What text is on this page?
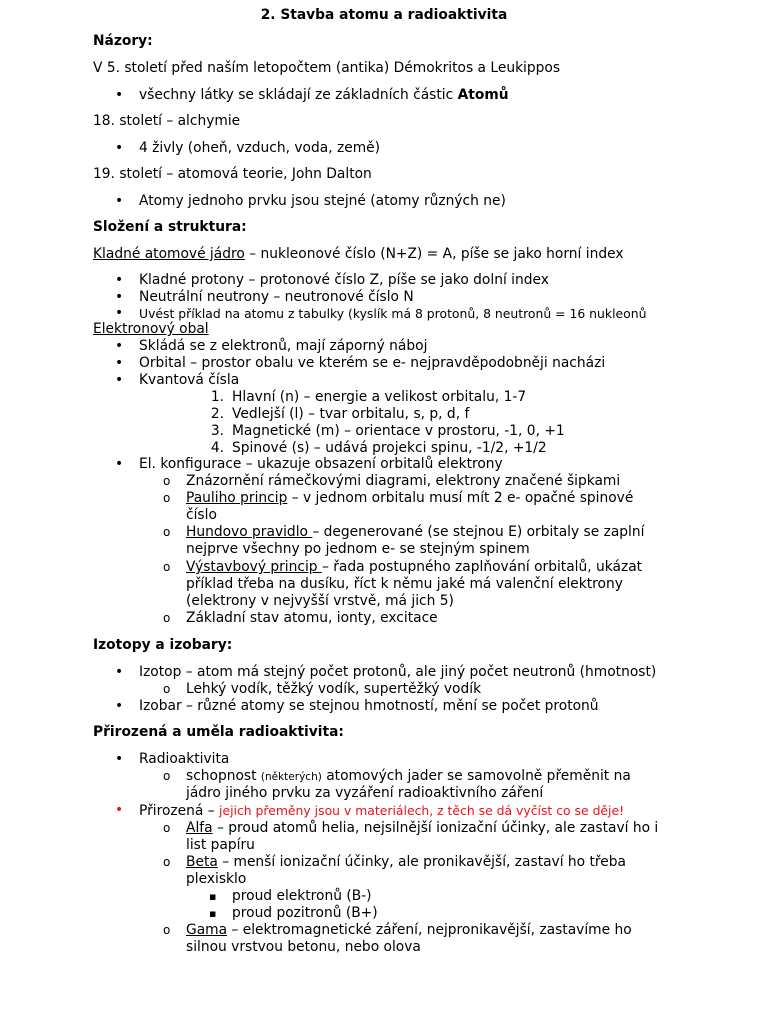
2. Stavba atomu a radioaktivita
Názory:
V 5. století před naším letopočtem (antika) Démokritos a Leukippos
•
všechny látky se skládají ze základních částic Atomů
18. století – alchymie
•
4 živly (oheň, vzduch, voda, země)
19. století – atomová teorie, John Dalton
•
Atomy jednoho prvku jsou stejné (atomy různých ne)
Složení a struktura:
Kladné atomové jádro – nukleonové číslo (N+Z) = A, píše se jako horní index
•
Kladné protony – protonové číslo Z, píše se jako dolní index
•
Neutrální neutrony – neutronové číslo N
•
Uvést příklad na atomu z tabulky (kyslík má 8 protonů, 8 neutronů = 16 nukleonů
Elektronový obal
•
Skládá se z elektronů, mají záporný náboj
•
Orbital – prostor obalu ve kterém se e- nejpravděpodobněji nacházi
•
Kvantová čísla
1. Hlavní (n) – energie a velikost orbitalu, 1-7
2. Vedlejší (l) – tvar orbitalu, s, p, d, f
3. Magnetické (m) – orientace v prostoru, -1, 0, +1
4. Spinové (s) – udává projekci spinu, -1/2, +1/2
•
El. konfigurace – ukazuje obsazení orbitalů elektrony
o
Znázornění rámečkovými diagrami, elektrony značené šipkami
o
Pauliho princip – v jednom orbitalu musí mít 2 e- opačné spinové
číslo
o
Hundovo pravidlo – degenerované (se stejnou E) orbitaly se zaplní
nejprve všechny po jednom e- se stejným spinem
o
Výstavbový princip – řada postupného zaplňování orbitalů, ukázat
příklad třeba na dusíku, říct k němu jaké má valenční elektrony
(elektrony v nejvyšší vrstvě, má jich 5)
o
Základní stav atomu, ionty, excitace
Izotopy a izobary:
•
Izotop – atom má stejný počet protonů, ale jiný počet neutronů (hmotnost)
o
Lehký vodík, těžký vodík, supertěžký vodík
•
Izobar – různé atomy se stejnou hmotností, mění se počet protonů
Přirozená a uměla radioaktivita:
•
Radioaktivita
o
schopnost (některých) atomových jader se samovolně přeměnit na
jádro jiného prvku za vyzáření radioaktivního záření
•
Přirozená – jejich přeměny jsou v materiálech, z těch se dá vyčíst co se děje!
o
Alfa – proud atomů helia, nejsilnější ionizační účinky, ale zastaví ho i
list papíru
o
Beta – menší ionizační účinky, ale pronikavější, zastaví ho třeba
plexisklo
▪
proud elektronů (B-)
▪
proud pozitronů (B+)
o
Gama – elektromagnetické záření, nejpronikavější, zastavíme ho
silnou vrstvou betonu, nebo olova
